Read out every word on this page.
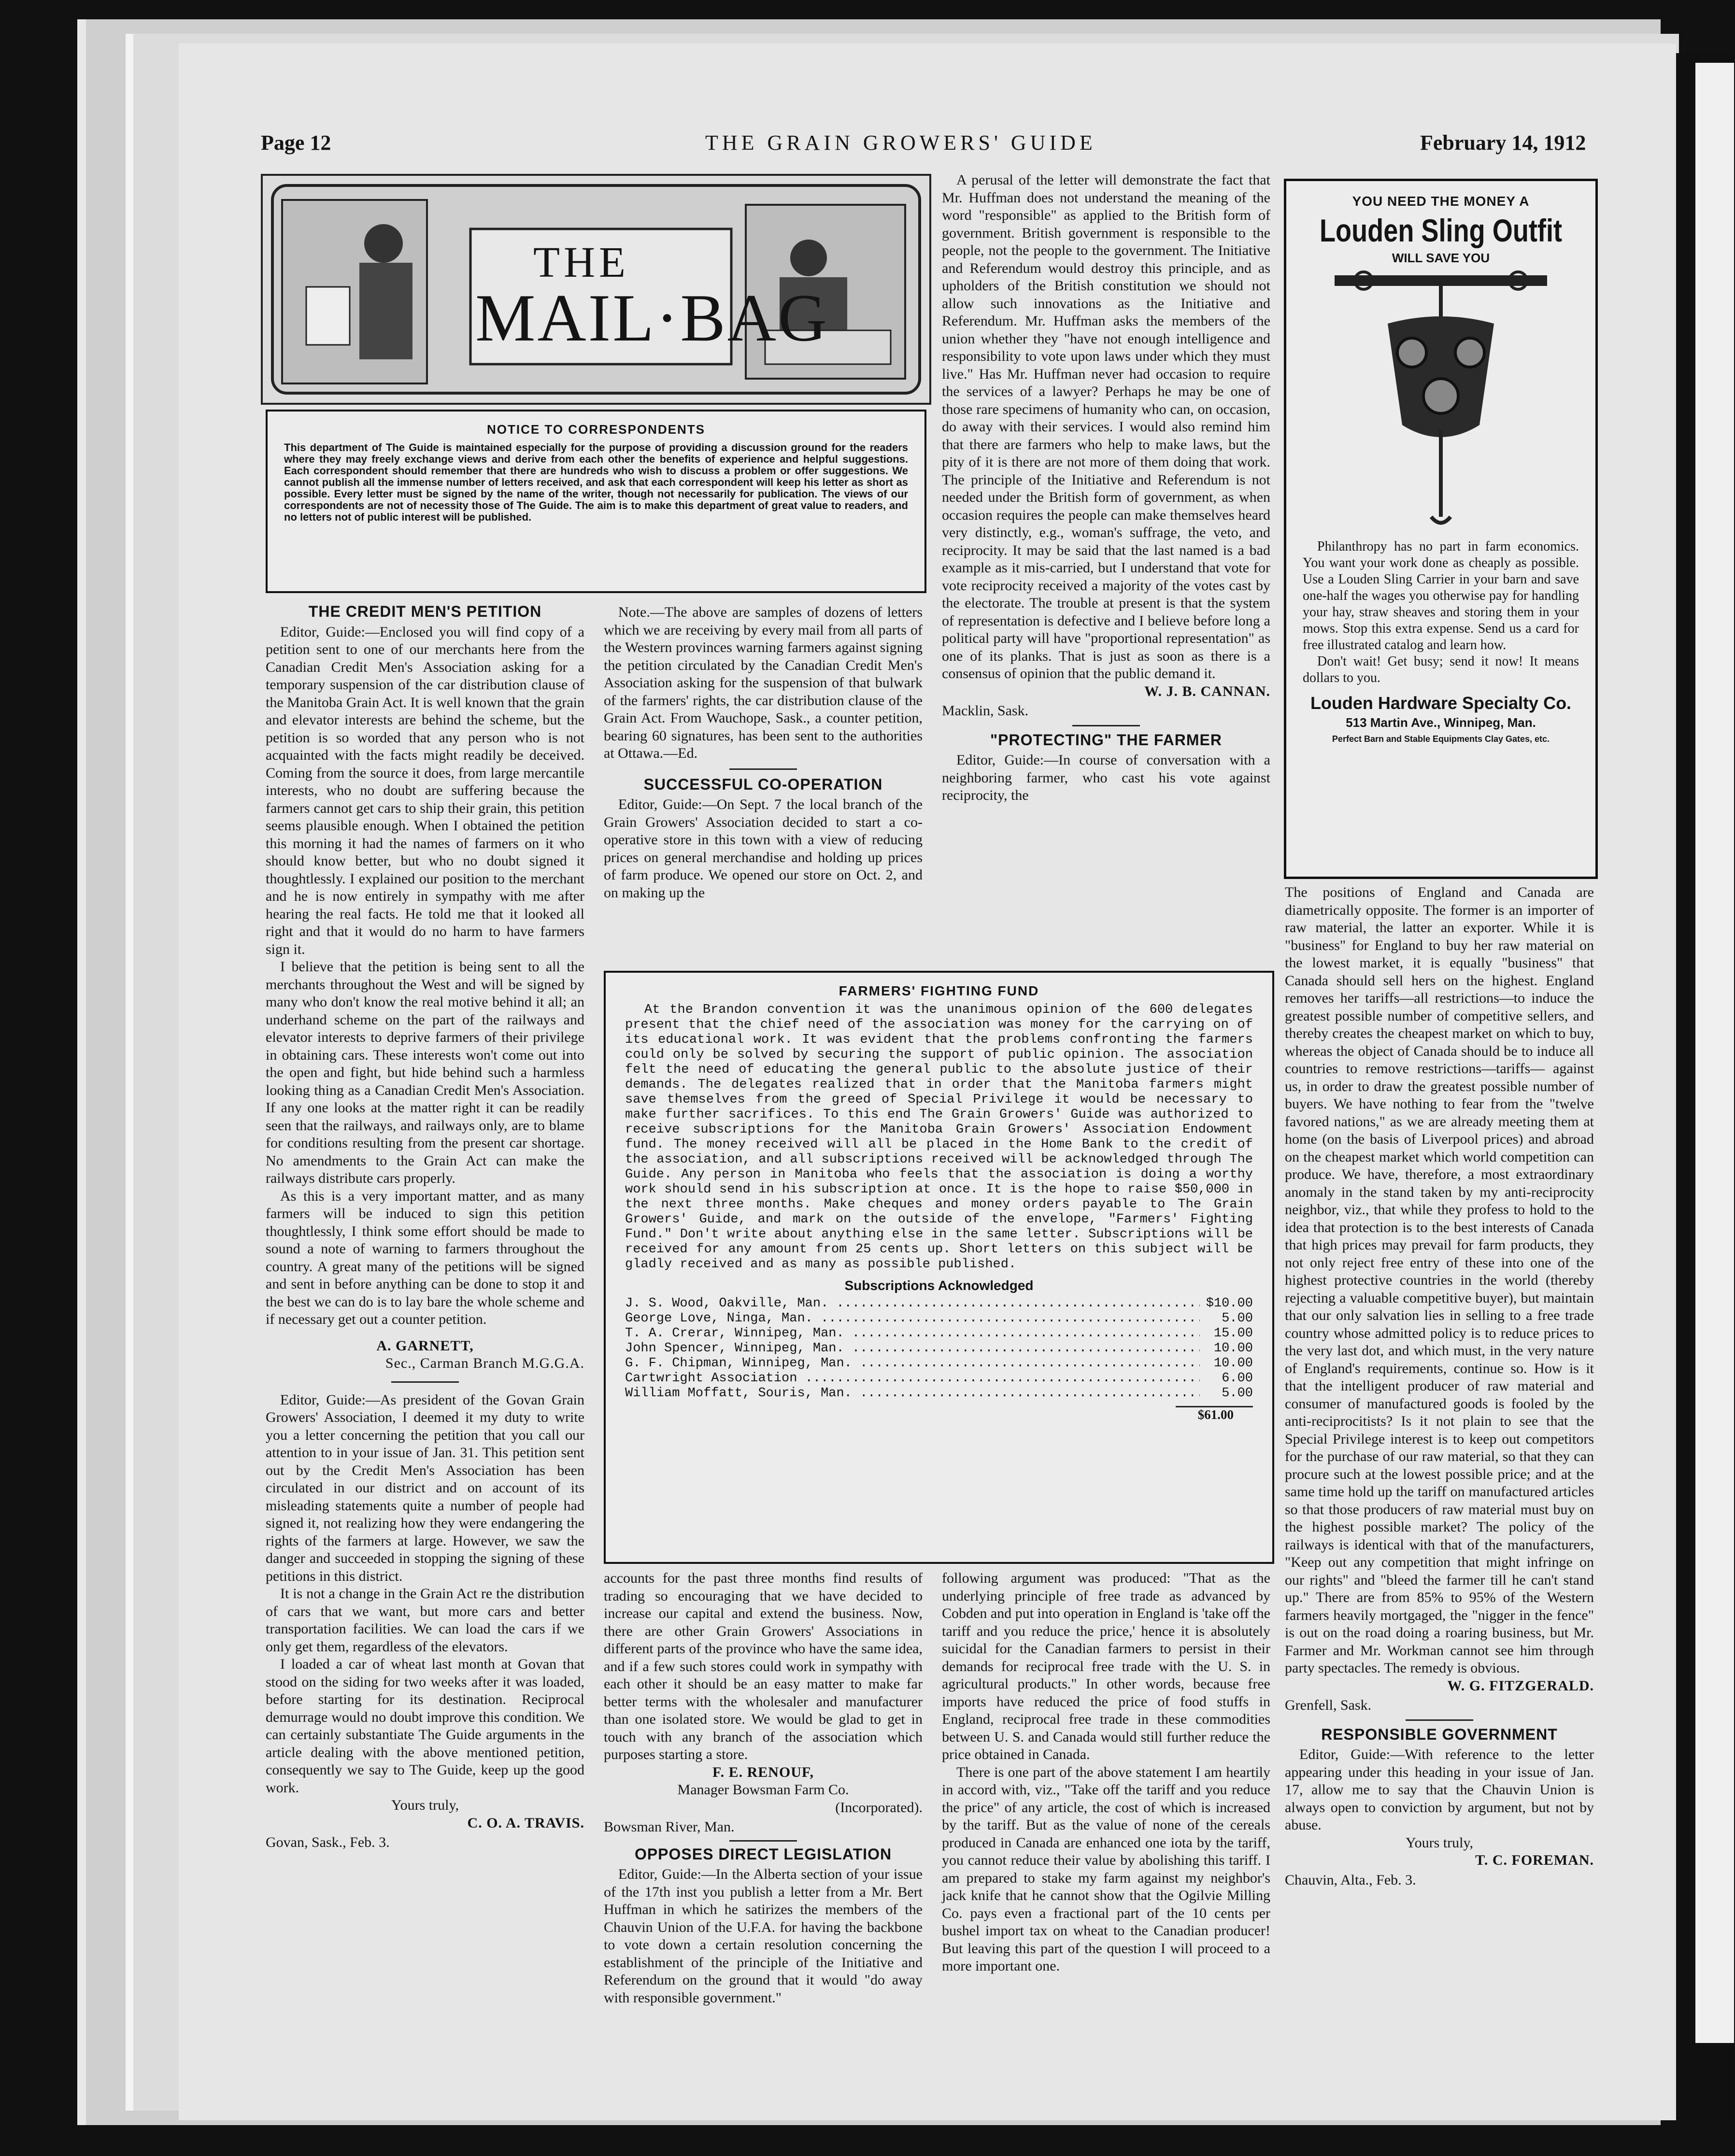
Page 12	THE GRAIN GROWERS' GUIDE	February 14, 1912
THE
MAIL·BAG
NOTICE TO CORRESPONDENTS
This department of The Guide is maintained especially for the purpose of providing a discussion ground for the readers where they may freely exchange views and derive from each other the benefits of experience and helpful suggestions. Each correspondent should remember that there are hundreds who wish to discuss a problem or offer suggestions. We cannot publish all the immense number of letters received, and ask that each correspondent will keep his letter as short as possible. Every letter must be signed by the name of the writer, though not necessarily for publication. The views of our correspondents are not of necessity those of The Guide. The aim is to make this department of great value to readers, and no letters not of public interest will be published.
THE CREDIT MEN'S PETITION

Editor, Guide:—Enclosed you will find copy of a petition sent to one of our merchants here from the Canadian Credit Men's Association asking for a temporary suspension of the car distribution clause of the Manitoba Grain Act. It is well known that the grain and elevator interests are behind the scheme, but the petition is so worded that any person who is not acquainted with the facts might readily be deceived. Coming from the source it does, from large mercantile interests, who no doubt are suffering because the farmers cannot get cars to ship their grain, this petition seems plausible enough. When I obtained the petition this morning it had the names of farmers on it who should know better, but who no doubt signed it thoughtlessly. I explained our position to the merchant and he is now entirely in sympathy with me after hearing the real facts. He told me that it looked all right and that it would do no harm to have farmers sign it.

I believe that the petition is being sent to all the merchants throughout the West and will be signed by many who don't know the real motive behind it all; an underhand scheme on the part of the railways and elevator interests to deprive farmers of their privilege in obtaining cars. These interests won't come out into the open and fight, but hide behind such a harmless looking thing as a Canadian Credit Men's Association. If any one looks at the matter right it can be readily seen that the railways, and railways only, are to blame for conditions resulting from the present car shortage. No amendments to the Grain Act can make the railways distribute cars properly.

As this is a very important matter, and as many farmers will be induced to sign this petition thoughtlessly, I think some effort should be made to sound a note of warning to farmers throughout the country. A great many of the petitions will be signed and sent in before anything can be done to stop it and the best we can do is to lay bare the whole scheme and if necessary get out a counter petition.

A. GARNETT,
Sec., Carman Branch M.G.G.A.

Editor, Guide:—As president of the Govan Grain Growers' Association, I deemed it my duty to write you a letter concerning the petition that you call our attention to in your issue of Jan. 31. This petition sent out by the Credit Men's Association has been circulated in our district and on account of its misleading statements quite a number of people had signed it, not realizing how they were endangering the rights of the farmers at large. However, we saw the danger and succeeded in stopping the signing of these petitions in this district.

It is not a change in the Grain Act re the distribution of cars that we want, but more cars and better transportation facilities. We can load the cars if we only get them, regardless of the elevators.

I loaded a car of wheat last month at Govan that stood on the siding for two weeks after it was loaded, before starting for its destination. Reciprocal demurrage would no doubt improve this condition. We can certainly substantiate The Guide arguments in the article dealing with the above mentioned petition, consequently we say to The Guide, keep up the good work.

Yours truly,
C. O. A. TRAVIS.
Govan, Sask., Feb. 3.

Note.—The above are samples of dozens of letters which we are receiving by every mail from all parts of the Western provinces warning farmers against signing the petition circulated by the Canadian Credit Men's Association asking for the suspension of that bulwark of the farmers' rights, the car distribution clause of the Grain Act. From Wauchope, Sask., a counter petition, bearing 60 signatures, has been sent to the authorities at Ottawa.—Ed.

SUCCESSFUL CO-OPERATION

Editor, Guide:—On Sept. 7 the local branch of the Grain Growers' Association decided to start a co-operative store in this town with a view of reducing prices on general merchandise and holding up prices of farm produce. We opened our store on Oct. 2, and on making up the

A perusal of the letter will demonstrate the fact that Mr. Huffman does not understand the meaning of the word "responsible" as applied to the British form of government. British government is responsible to the people, not the people to the government. The Initiative and Referendum would destroy this principle, and as upholders of the British constitution we should not allow such innovations as the Initiative and Referendum. Mr. Huffman asks the members of the union whether they "have not enough intelligence and responsibility to vote upon laws under which they must live." Has Mr. Huffman never had occasion to require the services of a lawyer? Perhaps he may be one of those rare specimens of humanity who can, on occasion, do away with their services. I would also remind him that there are farmers who help to make laws, but the pity of it is there are not more of them doing that work. The principle of the Initiative and Referendum is not needed under the British form of government, as when occasion requires the people can make themselves heard very distinctly, e.g., woman's suffrage, the veto, and reciprocity. It may be said that the last named is a bad example as it mis-carried, but I understand that vote for vote reciprocity received a majority of the votes cast by the electorate. The trouble at present is that the system of representation is defective and I believe before long a political party will have "proportional representation" as one of its planks. That is just as soon as there is a consensus of opinion that the public demand it.

W. J. B. CANNAN.
Macklin, Sask.
"PROTECTING" THE FARMER

Editor, Guide:—In course of conversation with a neighboring farmer, who cast his vote against reciprocity, the

FARMERS' FIGHTING FUND
At the Brandon convention it was the unanimous opinion of the 600 delegates present that the chief need of the association was money for the carrying on of its educational work. It was evident that the problems confronting the farmers could only be solved by securing the support of public opinion. The association felt the need of educating the general public to the absolute justice of their demands. The delegates realized that in order that the Manitoba farmers might save themselves from the greed of Special Privilege it would be necessary to make further sacrifices. To this end The Grain Growers' Guide was authorized to receive subscriptions for the Manitoba Grain Growers' Association Endowment fund. The money received will all be placed in the Home Bank to the credit of the association, and all subscriptions received will be acknowledged through The Guide. Any person in Manitoba who feels that the association is doing a worthy work should send in his subscription at once. It is the hope to raise $50,000 in the next three months. Make cheques and money orders payable to The Grain Growers' Guide, and mark on the outside of the envelope, "Farmers' Fighting Fund." Don't write about anything else in the same letter. Subscriptions will be received for any amount from 25 cents up. Short letters on this subject will be gladly received and as many as possible published.
Subscriptions Acknowledged
J. S. Wood, Oakville, Man. .....	$10.00
George Love, Ninga, Man. .....	5.00
T. A. Crerar, Winnipeg, Man. .....	15.00
John Spencer, Winnipeg, Man. .....	10.00
G. F. Chipman, Winnipeg, Man. .....	10.00
Cartwright Association .....	6.00
William Moffatt, Souris, Man. .....	5.00
$61.00

accounts for the past three months find results of trading so encouraging that we have decided to increase our capital and extend the business. Now, there are other Grain Growers' Associations in different parts of the province who have the same idea, and if a few such stores could work in sympathy with each other it should be an easy matter to make far better terms with the wholesaler and manufacturer than one isolated store. We would be glad to get in touch with any branch of the association which purposes starting a store.

F. E. RENOUF,
Manager Bowsman Farm Co.
(Incorporated).
Bowsman River, Man.
OPPOSES DIRECT LEGISLATION

Editor, Guide:—In the Alberta section of your issue of the 17th inst you publish a letter from a Mr. Bert Huffman in which he satirizes the members of the Chauvin Union of the U.F.A. for having the backbone to vote down a certain resolution concerning the establishment of the principle of the Initiative and Referendum on the ground that it would "do away with responsible government."

following argument was produced: "That as the underlying principle of free trade as advanced by Cobden and put into operation in England is 'take off the tariff and you reduce the price,' hence it is absolutely suicidal for the Canadian farmers to persist in their demands for reciprocal free trade with the U. S. in agricultural products." In other words, because free imports have reduced the price of food stuffs in England, reciprocal free trade in these commodities between U. S. and Canada would still further reduce the price obtained in Canada.

There is one part of the above statement I am heartily in accord with, viz., "Take off the tariff and you reduce the price" of any article, the cost of which is increased by the tariff. But as the value of none of the cereals produced in Canada are enhanced one iota by the tariff, you cannot reduce their value by abolishing this tariff. I am prepared to stake my farm against my neighbor's jack knife that he cannot show that the Ogilvie Milling Co. pays even a fractional part of the 10 cents per bushel import tax on wheat to the Canadian producer! But leaving this part of the question I will proceed to a more important one.

YOU NEED THE MONEY A
Louden Sling Outfit
WILL SAVE YOU
Philanthropy has no part in farm economics. You want your work done as cheaply as possible. Use a Louden Sling Carrier in your barn and save one-half the wages you otherwise pay for handling your hay, straw sheaves and storing them in your mows. Stop this extra expense. Send us a card for free illustrated catalog and learn how.
Don't wait! Get busy; send it now! It means dollars to you.
Louden Hardware Specialty Co.
513 Martin Ave., Winnipeg, Man.
Perfect Barn and Stable Equipments Clay Gates, etc.

The positions of England and Canada are diametrically opposite. The former is an importer of raw material, the latter an exporter. While it is "business" for England to buy her raw material on the lowest market, it is equally "business" that Canada should sell hers on the highest. England removes her tariffs—all restrictions—to induce the greatest possible number of competitive sellers, and thereby creates the cheapest market on which to buy, whereas the object of Canada should be to induce all countries to remove restrictions—tariffs— against us, in order to draw the greatest possible number of buyers. We have nothing to fear from the "twelve favored nations," as we are already meeting them at home (on the basis of Liverpool prices) and abroad on the cheapest market which world competition can produce. We have, therefore, a most extraordinary anomaly in the stand taken by my anti-reciprocity neighbor, viz., that while they profess to hold to the idea that protection is to the best interests of Canada that high prices may prevail for farm products, they not only reject free entry of these into one of the highest protective countries in the world (thereby rejecting a valuable competitive buyer), but maintain that our only salvation lies in selling to a free trade country whose admitted policy is to reduce prices to the very last dot, and which must, in the very nature of England's requirements, continue so. How is it that the intelligent producer of raw material and consumer of manufactured goods is fooled by the anti-reciprocitists? Is it not plain to see that the Special Privilege interest is to keep out competitors for the purchase of our raw material, so that they can procure such at the lowest possible price; and at the same time hold up the tariff on manufactured articles so that those producers of raw material must buy on the highest possible market? The policy of the railways is identical with that of the manufacturers, "Keep out any competition that might infringe on our rights" and "bleed the farmer till he can't stand up." There are from 85% to 95% of the Western farmers heavily mortgaged, the "nigger in the fence" is out on the road doing a roaring business, but Mr. Farmer and Mr. Workman cannot see him through party spectacles. The remedy is obvious.

W. G. FITZGERALD.
Grenfell, Sask.
RESPONSIBLE GOVERNMENT

Editor, Guide:—With reference to the letter appearing under this heading in your issue of Jan. 17, allow me to say that the Chauvin Union is always open to conviction by argument, but not by abuse.

Yours truly,
T. C. FOREMAN.
Chauvin, Alta., Feb. 3.
